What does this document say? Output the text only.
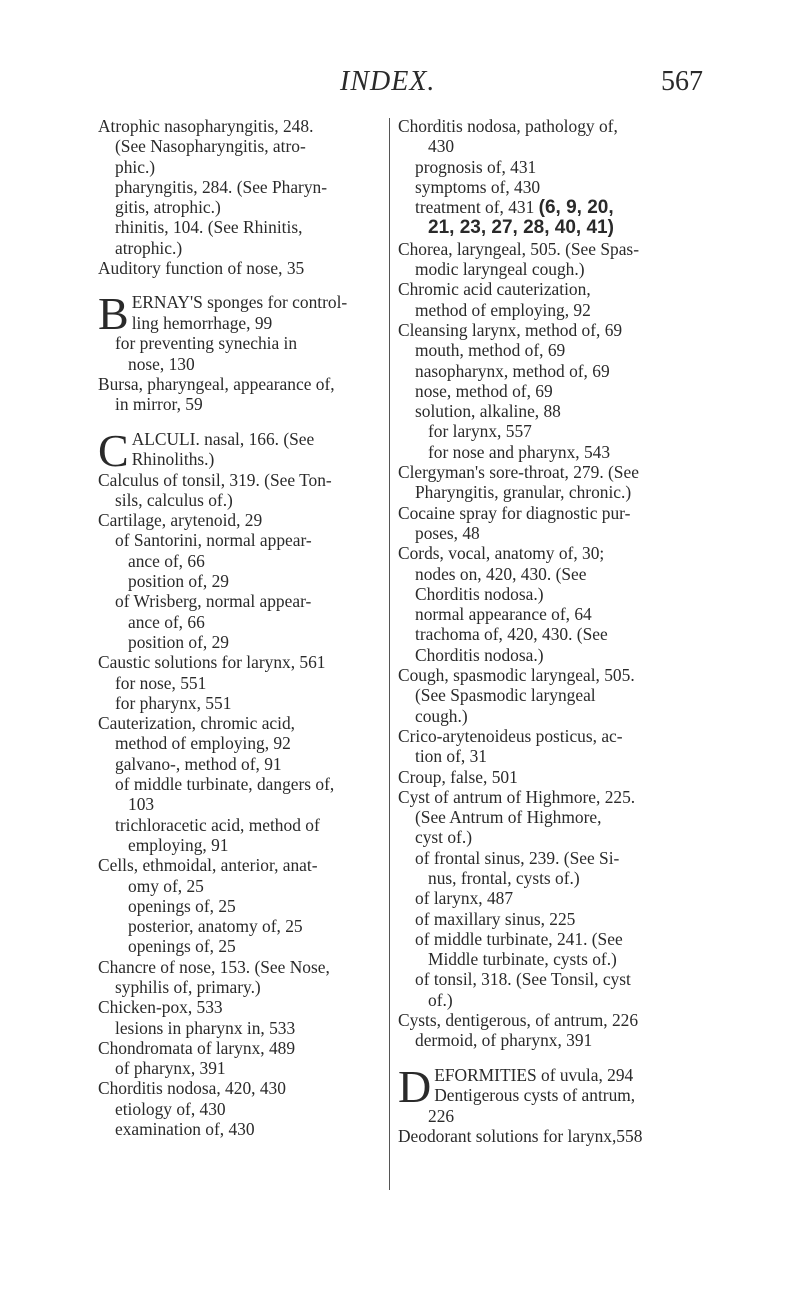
INDEX.	567
Atrophic nasopharyngitis, 248.
(See Nasopharyngitis, atro-
phic.)
pharyngitis, 284. (See Pharyn-
gitis, atrophic.)
rhinitis, 104. (See Rhinitis,
atrophic.)
Auditory function of nose, 35
B ERNAY'S sponges for control-
ling hemorrhage, 99
for preventing synechia in
nose, 130
Bursa, pharyngeal, appearance of,
in mirror, 59
C ALCULI. nasal, 166. (See
Rhinoliths.)
Calculus of tonsil, 319. (See Ton-
sils, calculus of.)
Cartilage, arytenoid, 29
of Santorini, normal appear-
ance of, 66
position of, 29
of Wrisberg, normal appear-
ance of, 66
position of, 29
Caustic solutions for larynx, 561
for nose, 551
for pharynx, 551
Cauterization, chromic acid,
method of employing, 92
galvano-, method of, 91
of middle turbinate, dangers of,
103
trichloracetic acid, method of
employing, 91
Cells, ethmoidal, anterior, anat-
omy of, 25
openings of, 25
posterior, anatomy of, 25
openings of, 25
Chancre of nose, 153. (See Nose,
syphilis of, primary.)
Chicken-pox, 533
lesions in pharynx in, 533
Chondromata of larynx, 489
of pharynx, 391
Chorditis nodosa, 420, 430
etiology of, 430
examination of, 430
Chorditis nodosa, pathology of,
430
prognosis of, 431
symptoms of, 430
treatment of, 431 (6, 9, 20,
21, 23, 27, 28, 40, 41)
Chorea, laryngeal, 505. (See Spas-
modic laryngeal cough.)
Chromic acid cauterization,
method of employing, 92
Cleansing larynx, method of, 69
mouth, method of, 69
nasopharynx, method of, 69
nose, method of, 69
solution, alkaline, 88
for larynx, 557
for nose and pharynx, 543
Clergyman's sore-throat, 279. (See
Pharyngitis, granular, chronic.)
Cocaine spray for diagnostic pur-
poses, 48
Cords, vocal, anatomy of, 30;
nodes on, 420, 430. (See
Chorditis nodosa.)
normal appearance of, 64
trachoma of, 420, 430. (See
Chorditis nodosa.)
Cough, spasmodic laryngeal, 505.
(See Spasmodic laryngeal
cough.)
Crico-arytenoideus posticus, ac-
tion of, 31
Croup, false, 501
Cyst of antrum of Highmore, 225.
(See Antrum of Highmore,
cyst of.)
of frontal sinus, 239. (See Si-
nus, frontal, cysts of.)
of larynx, 487
of maxillary sinus, 225
of middle turbinate, 241. (See
Middle turbinate, cysts of.)
of tonsil, 318. (See Tonsil, cyst
of.)
Cysts, dentigerous, of antrum, 226
dermoid, of pharynx, 391
D EFORMITIES of uvula, 294
Dentigerous cysts of antrum,
226
Deodorant solutions for larynx,558
